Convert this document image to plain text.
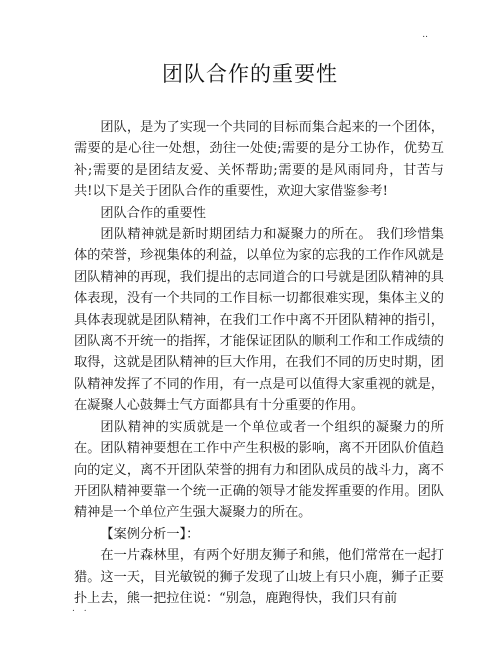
..
团队合作的重要性

团队，是为了实现一个共同的目标而集合起来的一个团体，需要的是心往一处想，劲往一处使;需要的是分工协作，优势互补;需要的是团结友爱、关怀帮助;需要的是风雨同舟，甘苦与共!以下是关于团队合作的重要性，欢迎大家借鉴参考!

团队合作的重要性

团队精神就是新时期团结力和凝聚力的所在。 我们珍惜集体的荣誉，珍视集体的利益，以单位为家的忘我的工作作风就是团队精神的再现，我们提出的志同道合的口号就是团队精神的具体表现，没有一个共同的工作目标一切都很难实现，集体主义的具体表现就是团队精神，在我们工作中离不开团队精神的指引，团队离不开统一的指挥，才能保证团队的顺利工作和工作成绩的取得，这就是团队精神的巨大作用，在我们不同的历史时期，团队精神发挥了不同的作用，有一点是可以值得大家重视的就是，在凝聚人心鼓舞士气方面都具有十分重要的作用。

团队精神的实质就是一个单位或者一个组织的凝聚力的所在。团队精神要想在工作中产生积极的影响，离不开团队价值趋向的定义，离不开团队荣誉的拥有力和团队成员的战斗力，离不开团队精神要靠一个统一正确的领导才能发挥重要的作用。团队精神是一个单位产生强大凝聚力的所在。

【案例分析一】：

在一片森林里，有两个好朋友狮子和熊，他们常常在一起打猎。这一天，目光敏锐的狮子发现了山坡上有只小鹿，狮子正要扑上去，熊一把拉住说：“别急，鹿跑得快，我们只有前

. .
